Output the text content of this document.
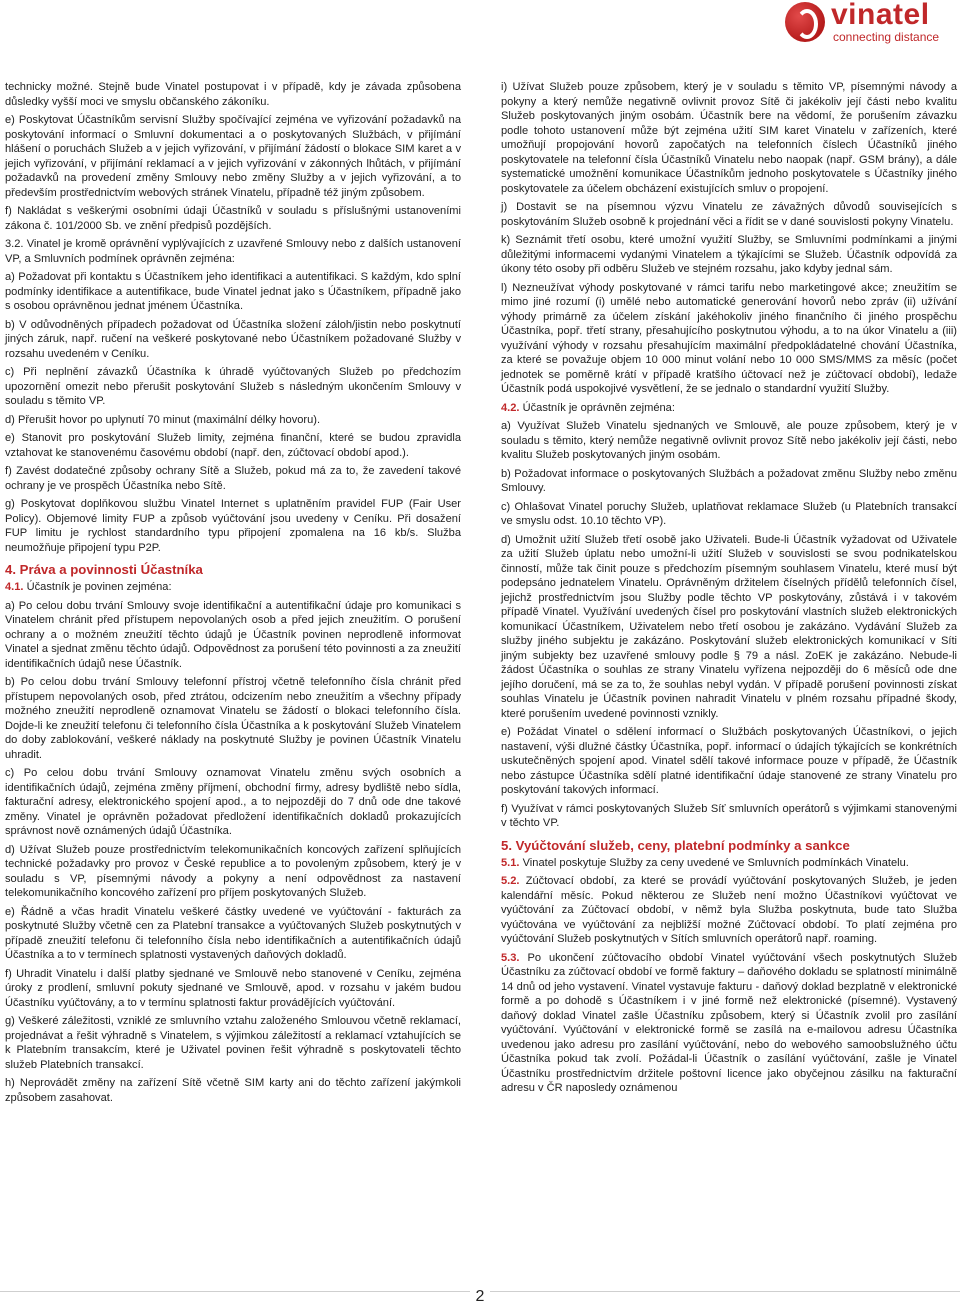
vinatel
connecting distance

technicky možné. Stejně bude Vinatel postupovat i v případě, kdy je závada způsobena důsledky vyšší moci ve smyslu občanského zákoníku.

e) Poskytovat Účastníkům servisní Služby spočívající zejména ve vyřizování požadavků na poskytování informací o Smluvní dokumentaci a o poskytovaných Službách, v přijímání hlášení o poruchách Služeb a v jejich vyřizování, v přijímání žádostí o blokace SIM karet a v jejich vyřizování, v přijímání reklamací a v jejich vyřizování v zákonných lhůtách, v přijímání požadavků na provedení změny Smlouvy nebo změny Služby a v jejich vyřizování, a to především prostřednictvím webových stránek Vinatelu, případně též jiným způsobem.

f) Nakládat s veškerými osobními údaji Účastníků v souladu s příslušnými ustanoveními zákona č. 101/2000 Sb. ve znění předpisů pozdějších.

3.2. Vinatel je kromě oprávnění vyplývajících z uzavřené Smlouvy nebo z dalších ustanovení VP, a Smluvních podmínek oprávněn zejména:

a) Požadovat při kontaktu s Účastníkem jeho identifikaci a autentifikaci. S každým, kdo splní podmínky identifikace a autentifikace, bude Vinatel jednat jako s Účastníkem, případně jako s osobou oprávněnou jednat jménem Účastníka.

b) V odůvodněných případech požadovat od Účastníka složení záloh/jistin nebo poskytnutí jiných záruk, např. ručení na veškeré poskytované nebo Účastníkem požadované Služby v rozsahu uvedeném v Ceníku.

c) Při neplnění závazků Účastníka k úhradě vyúčtovaných Služeb po předchozím upozornění omezit nebo přerušit poskytování Služeb s následným ukončením Smlouvy v souladu s těmito VP.

d) Přerušit hovor po uplynutí 70 minut (maximální délky hovoru).

e) Stanovit pro poskytování Služeb limity, zejména finanční, které se budou zpravidla vztahovat ke stanovenému časovému období (např. den, zúčtovací období apod.).

f) Zavést dodatečné způsoby ochrany Sítě a Služeb, pokud má za to, že zavedení takové ochrany je ve prospěch Účastníka nebo Sítě.

g) Poskytovat doplňkovou službu Vinatel Internet s uplatněním pravidel FUP (Fair User Policy). Objemové limity FUP a způsob vyúčtování jsou uvedeny v Ceníku. Při dosažení FUP limitu je rychlost standardního typu připojení zpomalena na 16 kb/s. Služba neumožňuje připojení typu P2P.

4. Práva a povinnosti Účastníka

4.1. Účastník je povinen zejména:

a) Po celou dobu trvání Smlouvy svoje identifikační a autentifikační údaje pro komunikaci s Vinatelem chránit před přístupem nepovolaných osob a před jejich zneužitím. O porušení ochrany a o možném zneužití těchto údajů je Účastník povinen neprodleně informovat Vinatel a sjednat změnu těchto údajů. Odpovědnost za porušení této povinnosti a za zneužití identifikačních údajů nese Účastník.

b) Po celou dobu trvání Smlouvy telefonní přístroj včetně telefonního čísla chránit před přístupem nepovolaných osob, před ztrátou, odcizením nebo zneužitím a všechny případy možného zneužití neprodleně oznamovat Vinatelu se žádostí o blokaci telefonního čísla. Dojde-li ke zneužití telefonu či telefonního čísla Účastníka a k poskytování Služeb Vinatelem do doby zablokování, veškeré náklady na poskytnuté Služby je povinen Účastník Vinatelu uhradit.

c) Po celou dobu trvání Smlouvy oznamovat Vinatelu změnu svých osobních a identifikačních údajů, zejména změny příjmení, obchodní firmy, adresy bydliště nebo sídla, fakturační adresy, elektronického spojení apod., a to nejpozději do 7 dnů ode dne takové změny. Vinatel je oprávněn požadovat předložení identifikačních dokladů prokazujících správnost nově oznámených údajů Účastníka.

d) Užívat Služeb pouze prostřednictvím telekomunikačních koncových zařízení splňujících technické požadavky pro provoz v České republice a to povoleným způsobem, který je v souladu s VP, písemnými návody a pokyny a není odpovědnost za nastavení telekomunikačního koncového zařízení pro příjem poskytovaných Služeb.

e) Řádně a včas hradit Vinatelu veškeré částky uvedené ve vyúčtování - fakturách za poskytnuté Služby včetně cen za Platební transakce a vyúčtovaných Služeb poskytnutých v případě zneužití telefonu či telefonního čísla nebo identifikačních a autentifikačních údajů Účastníka a to v termínech splatnosti vystavených daňových dokladů.

f) Uhradit Vinatelu i další platby sjednané ve Smlouvě nebo stanovené v Ceníku, zejména úroky z prodlení, smluvní pokuty sjednané ve Smlouvě, apod. v rozsahu v jakém budou Účastníku vyúčtovány, a to v termínu splatnosti faktur provádějících vyúčtování.

g) Veškeré záležitosti, vzniklé ze smluvního vztahu založeného Smlouvou včetně reklamací, projednávat a řešit výhradně s Vinatelem, s výjimkou záležitostí a reklamací vztahujících se k Platebním transakcím, které je Uživatel povinen řešit výhradně s poskytovateli těchto služeb Platebních transakcí.

h) Neprovádět změny na zařízení Sítě včetně SIM karty ani do těchto zařízení jakýmkoli způsobem zasahovat.

i) Užívat Služeb pouze způsobem, který je v souladu s těmito VP, písemnými návody a pokyny a který nemůže negativně ovlivnit provoz Sítě či jakékoliv její části nebo kvalitu Služeb poskytovaných jiným osobám. Účastník bere na vědomí, že porušením závazku podle tohoto ustanovení může být zejména užití SIM karet Vinatelu v zařízeních, které umožňují propojování hovorů započatých na telefonních číslech Účastníků jiného poskytovatele na telefonní čísla Účastníků Vinatelu nebo naopak (např. GSM brány), a dále systematické umožnění komunikace Účastníkům jednoho poskytovatele s Účastníky jiného poskytovatele za účelem obcházení existujících smluv o propojení.

j) Dostavit se na písemnou výzvu Vinatelu ze závažných důvodů souvisejících s poskytováním Služeb osobně k projednání věci a řídit se v dané souvislosti pokyny Vinatelu.

k) Seznámit třetí osobu, které umožní využití Služby, se Smluvními podmínkami a jinými důležitými informacemi vydanými Vinatelem a týkajícími se Služeb. Účastník odpovídá za úkony této osoby při odběru Služeb ve stejném rozsahu, jako kdyby jednal sám.

l) Nezneužívat výhody poskytované v rámci tarifu nebo marketingové akce; zneužitím se mimo jiné rozumí (i) umělé nebo automatické generování hovorů nebo zpráv (ii) užívání výhody primárně za účelem získání jakéhokoliv jiného finančního či jiného prospěchu Účastníka, popř. třetí strany, přesahujícího poskytnutou výhodu, a to na úkor Vinatelu a (iii) využívání výhody v rozsahu přesahujícím maximální předpokládatelné chování Účastníka, za které se považuje objem 10 000 minut volání nebo 10 000 SMS/MMS za měsíc (počet jednotek se poměrně krátí v případě kratšího účtovací než je zúčtovací období), ledaže Účastník podá uspokojivé vysvětlení, že se jednalo o standardní využití Služby.

4.2. Účastník je oprávněn zejména:

a) Využívat Služeb Vinatelu sjednaných ve Smlouvě, ale pouze způsobem, který je v souladu s těmito, který nemůže negativně ovlivnit provoz Sítě nebo jakékoliv její části, nebo kvalitu Služeb poskytovaných jiným osobám.

b) Požadovat informace o poskytovaných Službách a požadovat změnu Služby nebo změnu Smlouvy.

c) Ohlašovat Vinatel poruchy Služeb, uplatňovat reklamace Služeb (u Platebních transakcí ve smyslu odst. 10.10 těchto VP).

d) Umožnit užití Služeb třetí osobě jako Uživateli. Bude-li Účastník vyžadovat od Uživatele za užití Služeb úplatu nebo umožní-li užití Služeb v souvislosti se svou podnikatelskou činností, může tak činit pouze s předchozím písemným souhlasem Vinatelu, které musí být podepsáno jednatelem Vinatelu. Oprávněným držitelem číselných přídělů telefonních čísel, jejichž prostřednictvím jsou Služby podle těchto VP poskytovány, zůstává i v takovém případě Vinatel. Využívání uvedených čísel pro poskytování vlastních služeb elektronických komunikací Účastníkem, Uživatelem nebo třetí osobou je zakázáno. Vydávání Služeb za služby jiného subjektu je zakázáno. Poskytování služeb elektronických komunikací v Síti jiným subjekty bez uzavřené smlouvy podle § 79 a násl. ZoEK je zakázáno. Nebude-li žádost Účastníka o souhlas ze strany Vinatelu vyřízena nejpozději do 6 měsíců ode dne jejího doručení, má se za to, že souhlas nebyl vydán. V případě porušení povinnosti získat souhlas Vinatelu je Účastník povinen nahradit Vinatelu v plném rozsahu případné škody, které porušením uvedené povinnosti vznikly.

e) Požádat Vinatel o sdělení informací o Službách poskytovaných Účastníkovi, o jejich nastavení, výši dlužné částky Účastníka, popř. informací o údajích týkajících se konkrétních uskutečněných spojení apod. Vinatel sdělí takové informace pouze v případě, že Účastník nebo zástupce Účastníka sdělí platné identifikační údaje stanovené ze strany Vinatelu pro poskytování takových informací.

f) Využívat v rámci poskytovaných Služeb Síť smluvních operátorů s výjimkami stanovenými v těchto VP.

5. Vyúčtování služeb, ceny, platební podmínky a sankce

5.1. Vinatel poskytuje Služby za ceny uvedené ve Smluvních podmínkách Vinatelu.

5.2. Zúčtovací období, za které se provádí vyúčtování poskytovaných Služeb, je jeden kalendářní měsíc. Pokud některou ze Služeb není možno Účastníkovi vyúčtovat ve vyúčtování za Zúčtovací období, v němž byla Služba poskytnuta, bude tato Služba vyúčtována ve vyúčtování za nejbližší možné Zúčtovací období. To platí zejména pro vyúčtování Služeb poskytnutých v Sítích smluvních operátorů např. roaming.

5.3. Po ukončení zúčtovacího období Vinatel vyúčtování všech poskytnutých Služeb Účastníku za zúčtovací období ve formě faktury – daňového dokladu se splatností minimálně 14 dnů od jeho vystavení. Vinatel vystavuje fakturu - daňový doklad bezplatně v elektronické formě a po dohodě s Účastníkem i v jiné formě než elektronické (písemné). Vystavený daňový doklad Vinatel zašle Účastníku způsobem, který si Účastník zvolil pro zasílání vyúčtování. Vyúčtování v elektronické formě se zasílá na e-mailovou adresu Účastníka uvedenou jako adresu pro zasílání vyúčtování, nebo do webového samoobslužného účtu Účastníka pokud tak zvolí. Požádal-li Účastník o zasílání vyúčtování, zašle je Vinatel Účastníku prostřednictvím držitele poštovní licence jako obyčejnou zásilku na fakturační adresu v ČR naposledy oznámenou

2
